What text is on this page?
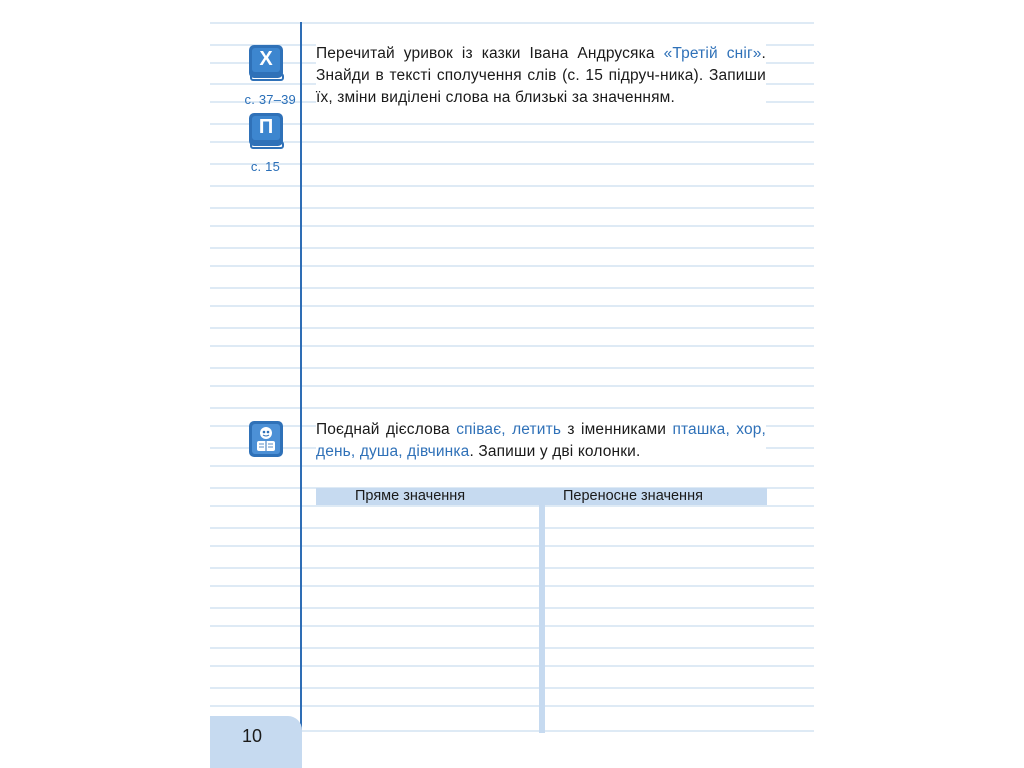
Х
с. 37–39
П
с. 15
Перечитай уривок із казки Івана Андрусяка «Третій сніг». Знайди в тексті сполучення слів (с. 15 підруч-ника). Запиши їх, зміни виділені слова на близькі за значенням.
Поєднай дієслова співає, летить з іменниками пташка, хор, день, душа, дівчинка. Запиши у дві колонки.
Пряме значення	Переносне значення
10
